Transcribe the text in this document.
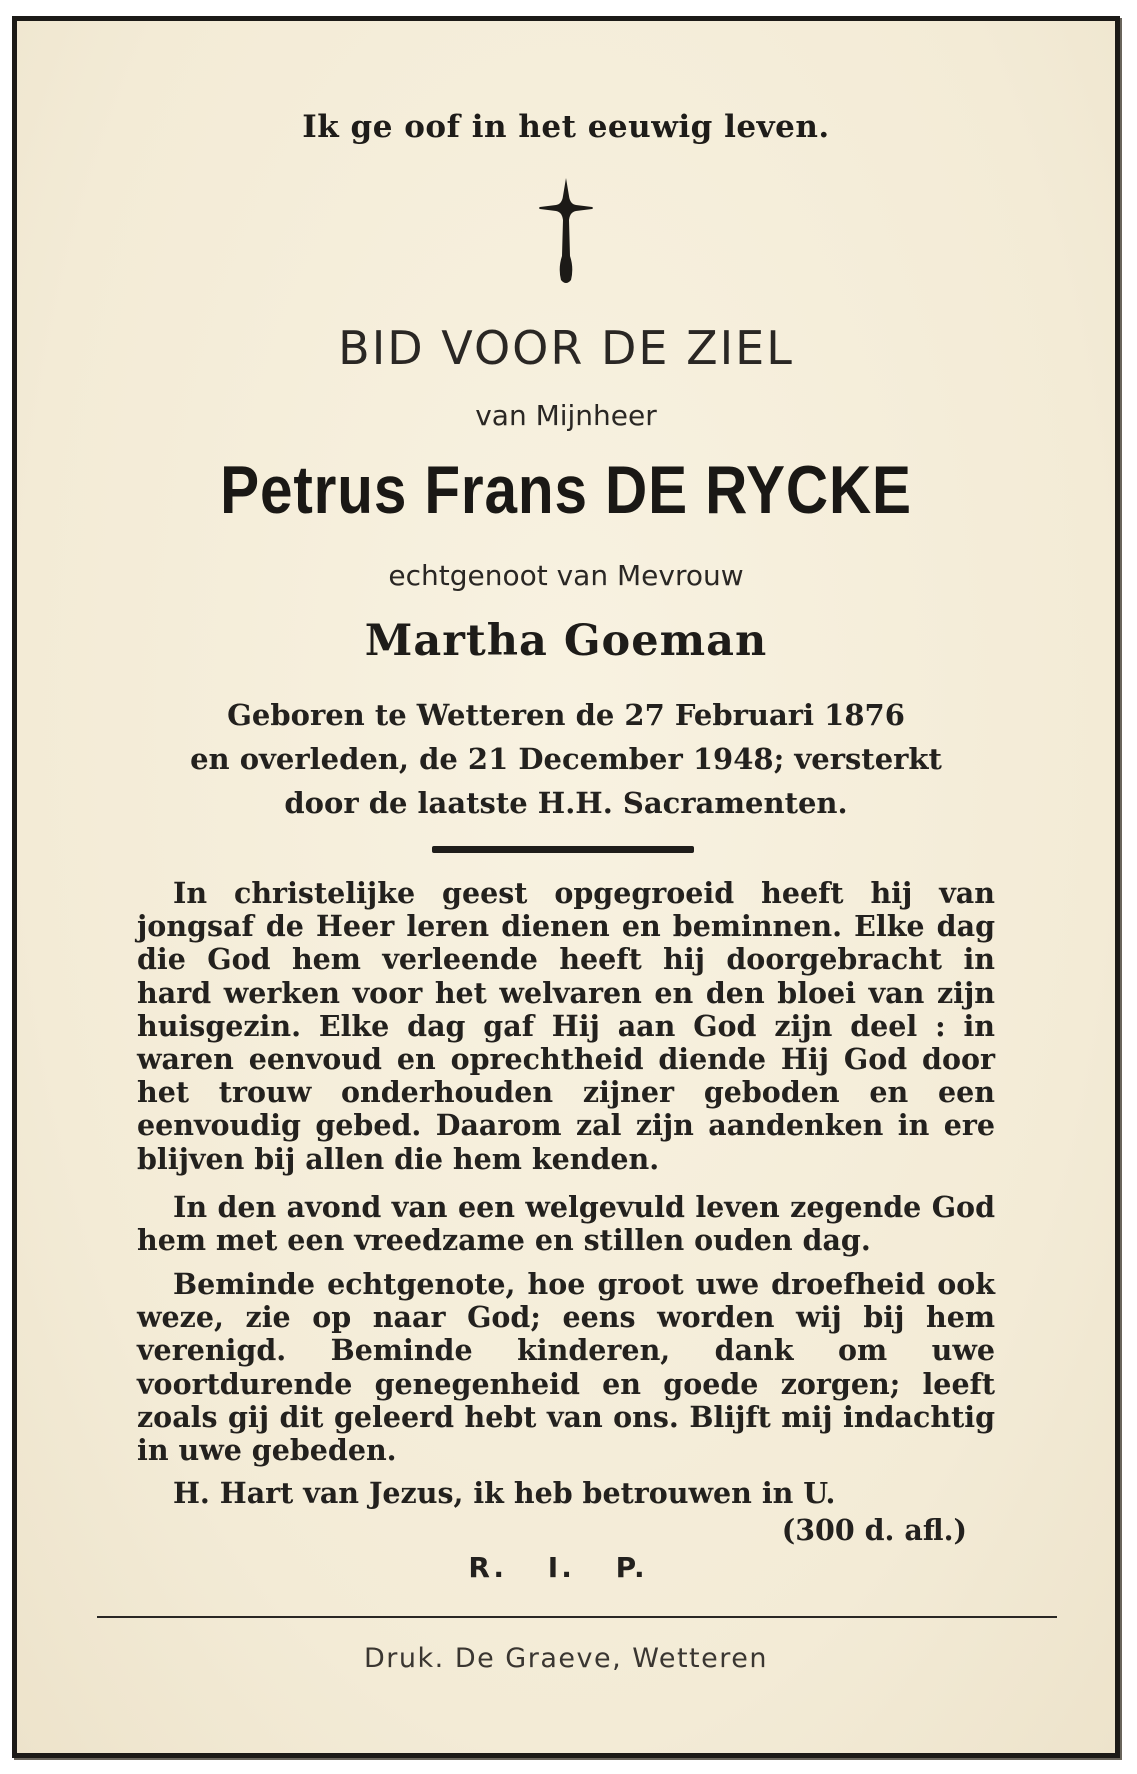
Ik ge oof in het eeuwig leven.
BID VOOR DE ZIEL
van Mijnheer
Petrus Frans DE RYCKE
echtgenoot van Mevrouw
Martha Goeman
Geboren te Wetteren de 27 Februari 1876
en overleden, de 21 December 1948; versterkt
door de laatste H.H. Sacramenten.
In christelijke geest opgegroeid heeft hij van jongsaf de Heer leren dienen en beminnen. Elke dag die God hem verleende heeft hij doorgebracht in hard werken voor het welvaren en den bloei van zijn huisgezin. Elke dag gaf Hij aan God zijn deel : in waren eenvoud en oprechtheid diende Hij God door het trouw onderhouden zijner geboden en een eenvoudig gebed. Daarom zal zijn aandenken in ere blijven bij allen die hem kenden.
In den avond van een welgevuld leven zegende God hem met een vreedzame en stillen ouden dag.
Beminde echtgenote, hoe groot uwe droefheid ook weze, zie op naar God; eens worden wij bij hem verenigd. Beminde kinderen, dank om uwe voortdurende genegenheid en goede zorgen; leeft zoals gij dit geleerd hebt van ons. Blijft mij indachtig in uwe gebeden.
H. Hart van Jezus, ik heb betrouwen in U.
(300 d. afl.)
R. I. P.
Druk. De Graeve, Wetteren
